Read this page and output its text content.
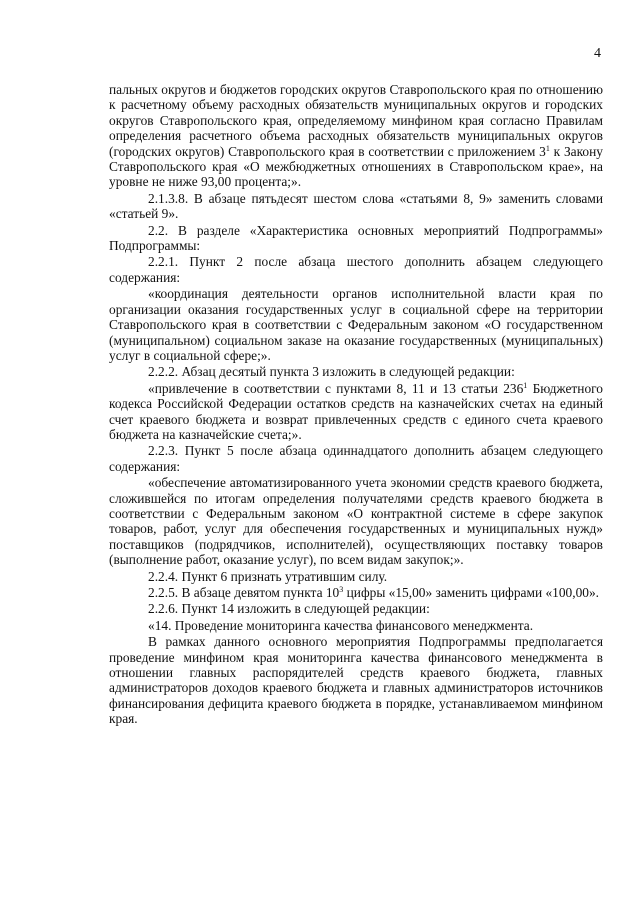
4

пальных округов и бюджетов городских округов Ставропольского края по отношению к расчетному объему расходных обязательств муниципальных округов и городских округов Ставропольского края, определяемому минфином края согласно Правилам определения расчетного объема расходных обязательств муниципальных округов (городских округов) Ставропольского края в соответствии с приложением $3^1$ к Закону Ставропольского края «О межбюджетных отношениях в Ставропольском крае», на уровне не ниже 93,00 процента;».

2.1.3.8. В абзаце пятьдесят шестом слова «статьями 8, 9» заменить словами «статьей 9».

2.2. В разделе «Характеристика основных мероприятий Подпрограммы» Подпрограммы:

2.2.1. Пункт 2 после абзаца шестого дополнить абзацем следующего содержания:

«координация деятельности органов исполнительной власти края по организации оказания государственных услуг в социальной сфере на территории Ставропольского края в соответствии с Федеральным законом «О государственном (муниципальном) социальном заказе на оказание государственных (муниципальных) услуг в социальной сфере;».

2.2.2. Абзац десятый пункта 3 изложить в следующей редакции:

«привлечение в соответствии с пунктами 8, 11 и 13 статьи $236^1$ Бюджетного кодекса Российской Федерации остатков средств на казначейских счетах на единый счет краевого бюджета и возврат привлеченных средств с единого счета краевого бюджета на казначейские счета;».

2.2.3. Пункт 5 после абзаца одиннадцатого дополнить абзацем следующего содержания:

«обеспечение автоматизированного учета экономии средств краевого бюджета, сложившейся по итогам определения получателями средств краевого бюджета в соответствии с Федеральным законом «О контрактной системе в сфере закупок товаров, работ, услуг для обеспечения государственных и муниципальных нужд» поставщиков (подрядчиков, исполнителей), осуществляющих поставку товаров (выполнение работ, оказание услуг), по всем видам закупок;».

2.2.4. Пункт 6 признать утратившим силу.

2.2.5. В абзаце девятом пункта $10^3$ цифры «15,00» заменить цифрами «100,00».

2.2.6. Пункт 14 изложить в следующей редакции:

«14. Проведение мониторинга качества финансового менеджмента.

В рамках данного основного мероприятия Подпрограммы предполагается проведение минфином края мониторинга качества финансового менеджмента в отношении главных распорядителей средств краевого бюджета, главных администраторов доходов краевого бюджета и главных администраторов источников финансирования дефицита краевого бюджета в порядке, устанавливаемом минфином края.
